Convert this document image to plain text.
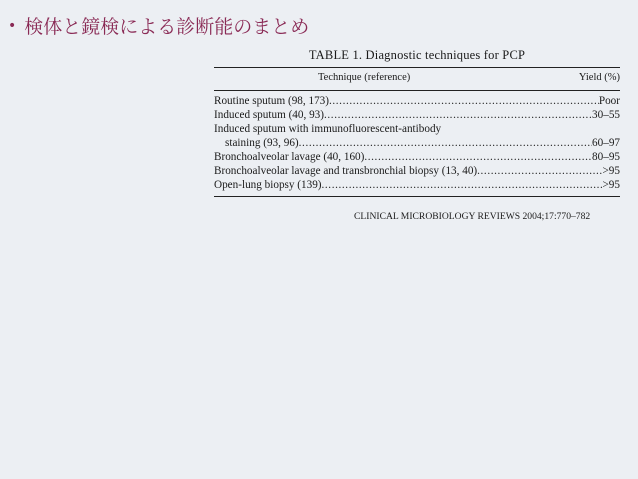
• 検体と鏡検による診断能のまとめ
TABLE 1. Diagnostic techniques for PCP
Technique (reference)	Yield (%)
Routine sputum (98, 173) .....	Poor
Induced sputum (40, 93) .....	30–55
Induced sputum with immunofluorescent-antibody
staining (93, 96) .....	60–97
Bronchoalveolar lavage (40, 160) .....	80–95
Bronchoalveolar lavage and transbronchial biopsy (13, 40) .....	>95
Open-lung biopsy (139) .....	>95
CLINICAL MICROBIOLOGY REVIEWS 2004;17:770–782
